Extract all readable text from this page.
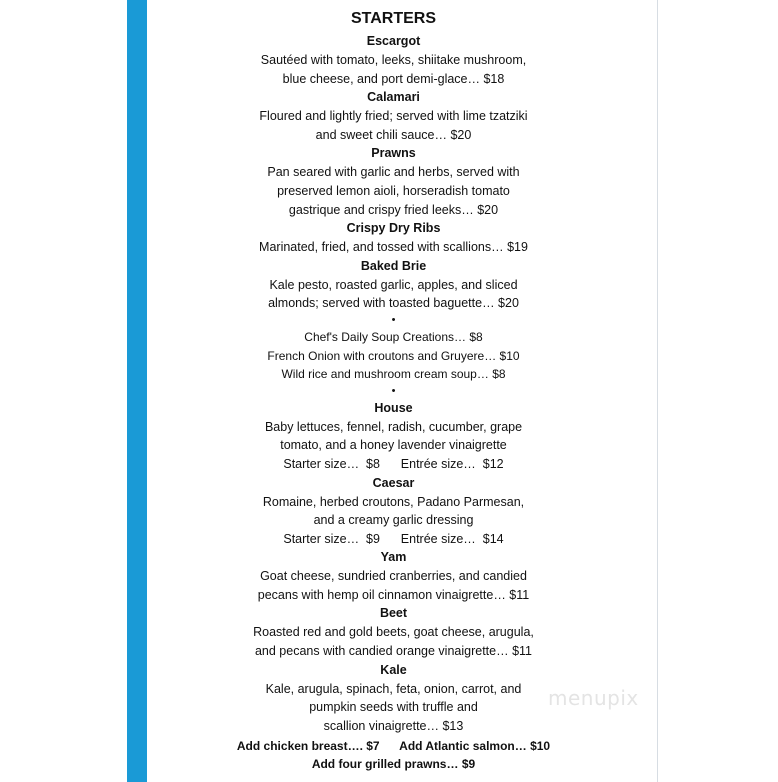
STARTERS
Escargot
Sautéed with tomato, leeks, shiitake mushroom,
blue cheese, and port demi-glace… $18
Calamari
Floured and lightly fried; served with lime tzatziki
and sweet chili sauce… $20
Prawns
Pan seared with garlic and herbs, served with
preserved lemon aioli, horseradish tomato
gastrique and crispy fried leeks… $20
Crispy Dry Ribs
Marinated, fried, and tossed with scallions… $19
Baked Brie
Kale pesto, roasted garlic, apples, and sliced
almonds; served with toasted baguette… $20
•
Chef's Daily Soup Creations… $8
French Onion with croutons and Gruyere… $10
Wild rice and mushroom cream soup… $8
•
House
Baby lettuces, fennel, radish, cucumber, grape
tomato, and a honey lavender vinaigrette
Starter size…  $8      Entrée size…  $12
Caesar
Romaine, herbed croutons, Padano Parmesan,
and a creamy garlic dressing
Starter size…  $9      Entrée size…  $14
Yam
Goat cheese, sundried cranberries, and candied
pecans with hemp oil cinnamon vinaigrette… $11
Beet
Roasted red and gold beets, goat cheese, arugula,
and pecans with candied orange vinaigrette… $11
Kale
Kale, arugula, spinach, feta, onion, carrot, and
pumpkin seeds with truffle and
scallion vinaigrette… $13
Add chicken breast…. $7      Add Atlantic salmon… $10
Add four grilled prawns… $9
menupix
